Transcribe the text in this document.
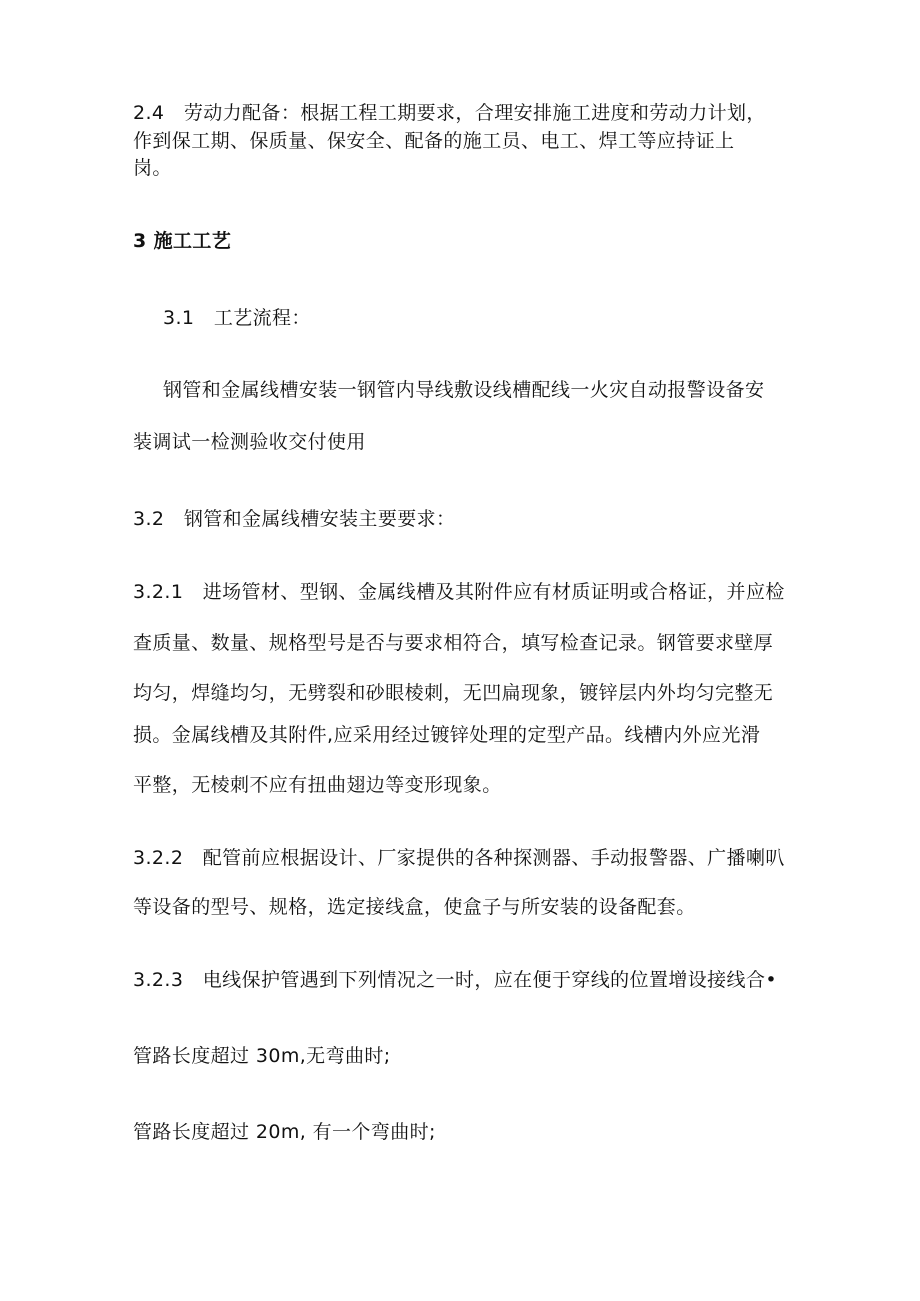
2.4　劳动力配备：根据工程工期要求，合理安排施工进度和劳动力计划，
作到保工期、保质量、保安全、配备的施工员、电工、焊工等应持证上
岗。
3 施工工艺
3.1　工艺流程：
钢管和金属线槽安装一钢管内导线敷设线槽配线一火灾自动报警设备安
装调试一检测验收交付使用
3.2　钢管和金属线槽安装主要要求：
3.2.1　进场管材、型钢、金属线槽及其附件应有材质证明或合格证，并应检
查质量、数量、规格型号是否与要求相符合，填写检查记录。钢管要求壁厚
均匀，焊缝均匀，无劈裂和砂眼棱刺，无凹扁现象，镀锌层内外均匀完整无
损。金属线槽及其附件,应采用经过镀锌处理的定型产品。线槽内外应光滑
平整，无棱刺不应有扭曲翅边等变形现象。
3.2.2　配管前应根据设计、厂家提供的各种探测器、手动报警器、广播喇叭
等设备的型号、规格，选定接线盒，使盒子与所安装的设备配套。
3.2.3　电线保护管遇到下列情况之一时，应在便于穿线的位置增设接线合•
管路长度超过 30m,无弯曲时;
管路长度超过 20m, 有一个弯曲时;
